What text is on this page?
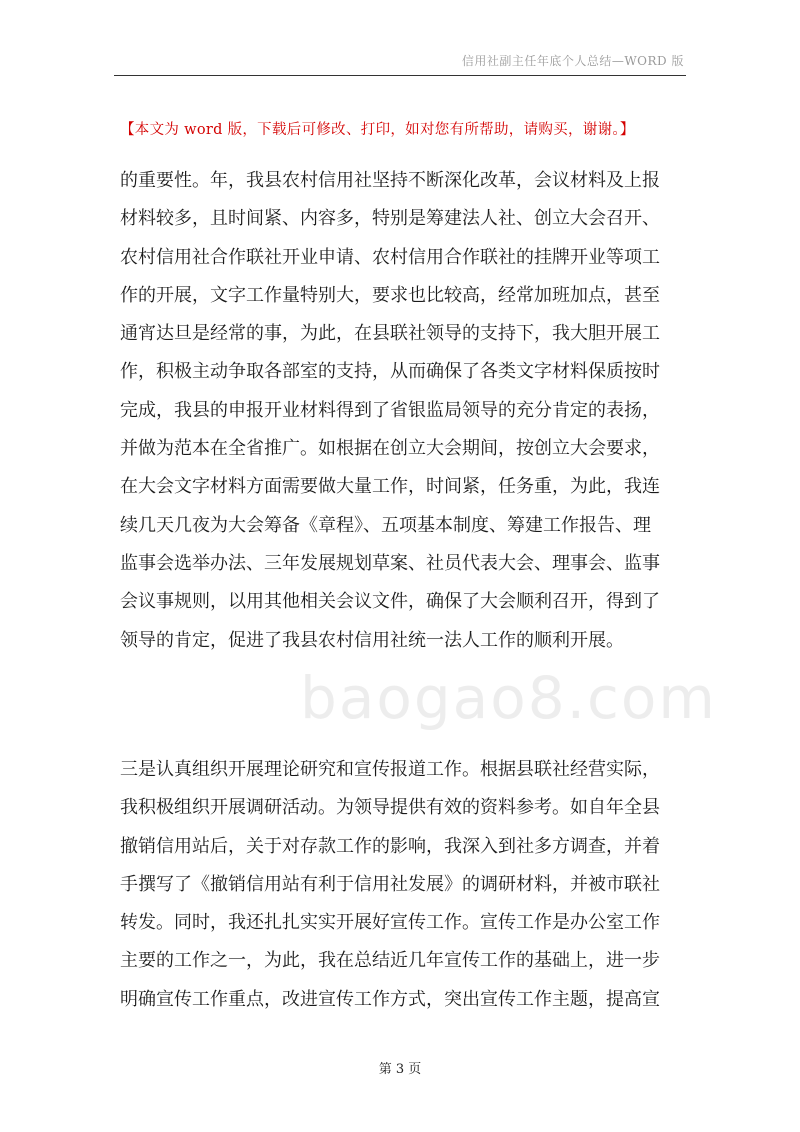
信用社副主任年底个人总结—WORD 版
【本文为 word 版，下载后可修改、打印，如对您有所帮助，请购买，谢谢。】
baogao8.com
的重要性。年，我县农村信用社坚持不断深化改革，会议材料及上报
材料较多，且时间紧、内容多，特别是筹建法人社、创立大会召开、
农村信用社合作联社开业申请、农村信用合作联社的挂牌开业等项工
作的开展，文字工作量特别大，要求也比较高，经常加班加点，甚至
通宵达旦是经常的事，为此，在县联社领导的支持下，我大胆开展工
作，积极主动争取各部室的支持，从而确保了各类文字材料保质按时
完成，我县的申报开业材料得到了省银监局领导的充分肯定的表扬，
并做为范本在全省推广。如根据在创立大会期间，按创立大会要求，
在大会文字材料方面需要做大量工作，时间紧，任务重，为此，我连
续几天几夜为大会筹备《章程》、五项基本制度、筹建工作报告、理
监事会选举办法、三年发展规划草案、社员代表大会、理事会、监事
会议事规则，以用其他相关会议文件，确保了大会顺利召开，得到了
领导的肯定，促进了我县农村信用社统一法人工作的顺利开展。
三是认真组织开展理论研究和宣传报道工作。根据县联社经营实际，
我积极组织开展调研活动。为领导提供有效的资料参考。如自年全县
撤销信用站后，关于对存款工作的影响，我深入到社多方调查，并着
手撰写了《撤销信用站有利于信用社发展》的调研材料，并被市联社
转发。同时，我还扎扎实实开展好宣传工作。宣传工作是办公室工作
主要的工作之一，为此，我在总结近几年宣传工作的基础上，进一步
明确宣传工作重点，改进宣传工作方式，突出宣传工作主题，提高宣
第 3 页
